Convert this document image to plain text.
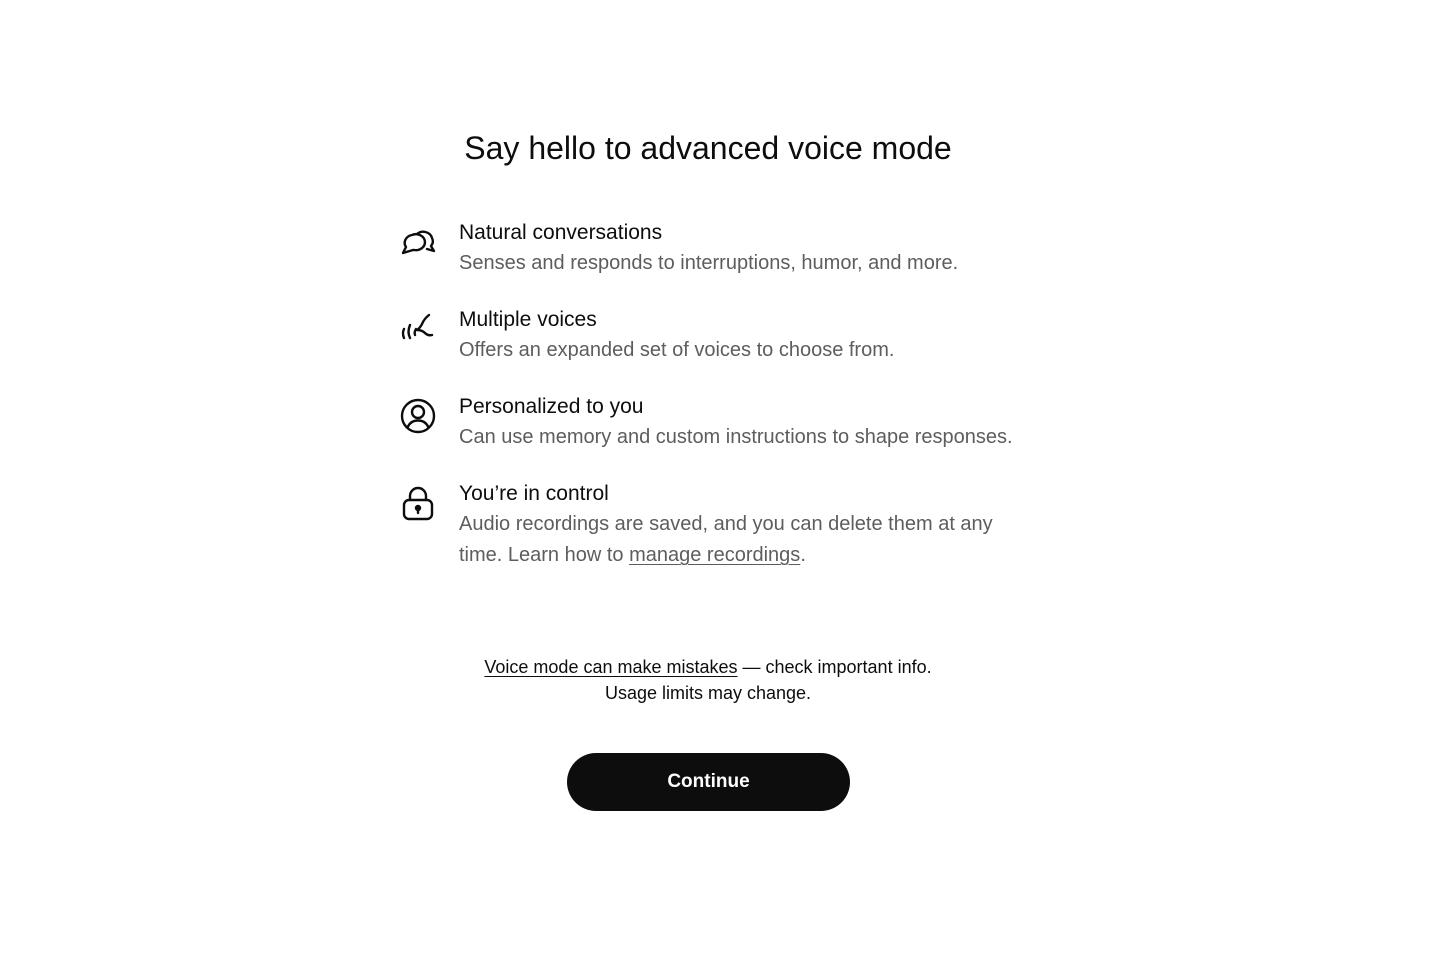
Say hello to advanced voice mode

Natural conversations

Senses and responds to interruptions, humor, and more.

Multiple voices

Offers an expanded set of voices to choose from.

Personalized to you

Can use memory and custom instructions to shape responses.

You’re in control

Audio recordings are saved, and you can delete them at any time. Learn how to manage recordings.

Voice mode can make mistakes — check important info.
Usage limits may change.
Continue
